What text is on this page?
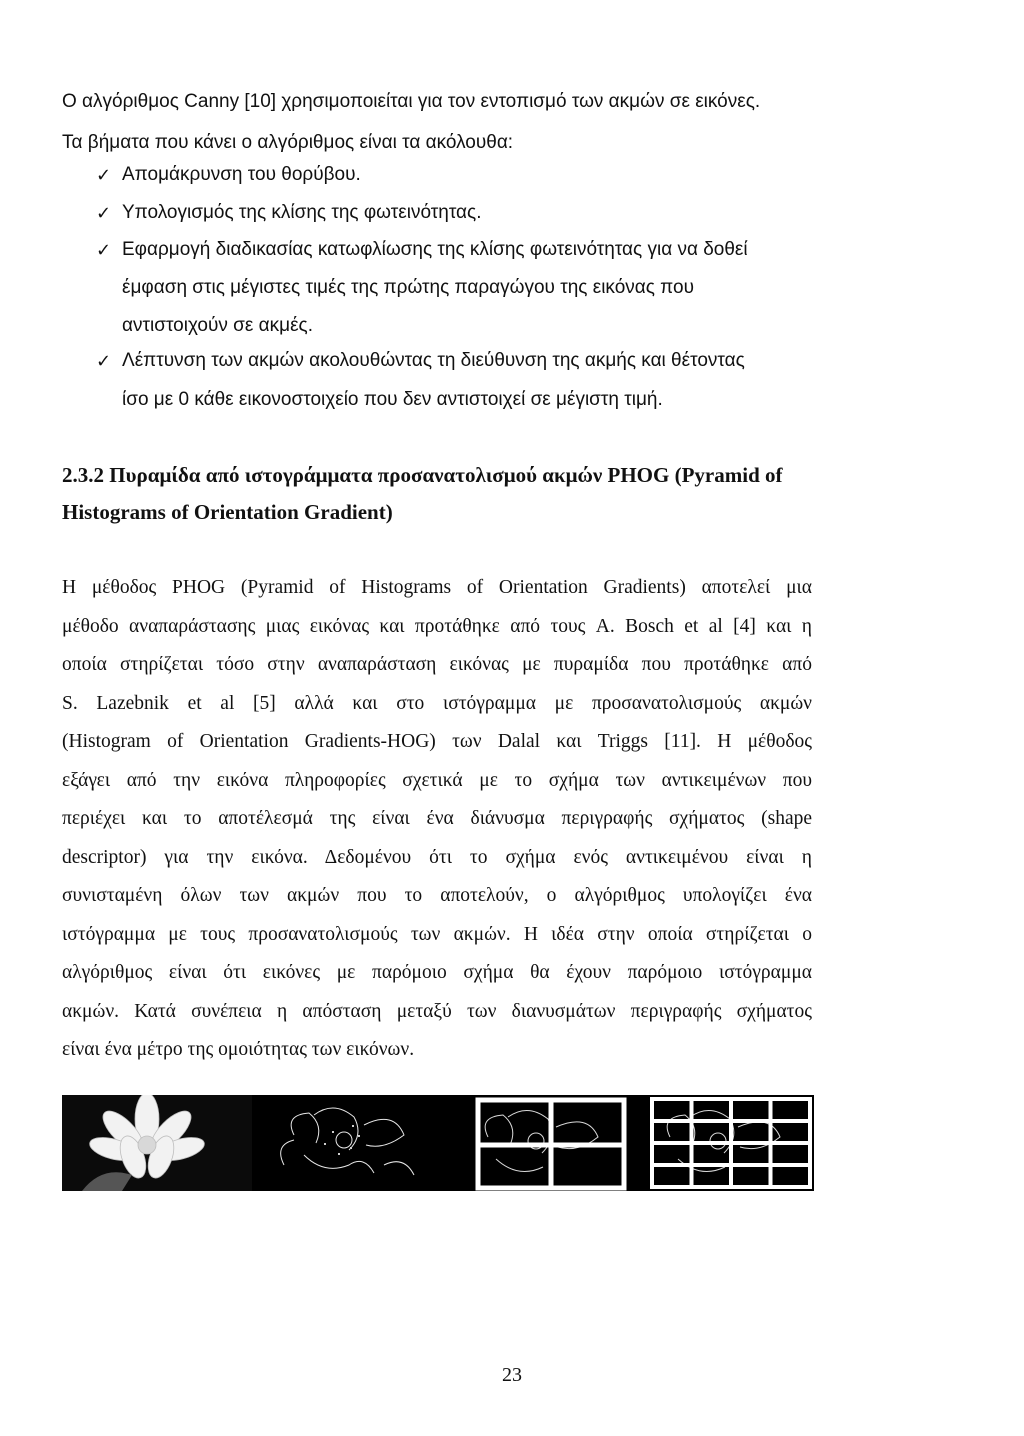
Ο αλγόριθμος Canny [10] χρησιμοποιείται για τον εντοπισμό των ακμών σε εικόνες.
Τα βήματα που κάνει ο αλγόριθμος είναι τα ακόλουθα:
✓ Απομάκρυνση του θορύβου.
✓ Υπολογισμός της κλίσης της φωτεινότητας.
✓ Εφαρμογή διαδικασίας κατωφλίωσης της κλίσης φωτεινότητας για να δοθεί
έμφαση στις μέγιστες τιμές της πρώτης παραγώγου της εικόνας που
αντιστοιχούν σε ακμές.
✓ Λέπτυνση των ακμών ακολουθώντας τη διεύθυνση της ακμής και θέτοντας
ίσο με 0 κάθε εικονοστοιχείο που δεν αντιστοιχεί σε μέγιστη τιμή.
2.3.2 Πυραμίδα από ιστογράμματα προσανατολισμού ακμών PHOG (Pyramid of
Histograms of Orientation Gradient)
Η μέθοδος PHOG (Pyramid of Histograms of Orientation Gradients) αποτελεί μια
μέθοδο αναπαράστασης μιας εικόνας και προτάθηκε από τους A. Bosch et al [4] και η
οποία στηρίζεται τόσο στην αναπαράσταση εικόνας με πυραμίδα που προτάθηκε από
S. Lazebnik et al [5] αλλά και στο ιστόγραμμα με προσανατολισμούς ακμών
(Histogram of Orientation Gradients-HOG) των Dalal και Triggs [11]. Η μέθοδος
εξάγει από την εικόνα πληροφορίες σχετικά με το σχήμα των αντικειμένων που
περιέχει και το αποτέλεσμά της είναι ένα διάνυσμα περιγραφής σχήματος (shape
descriptor) για την εικόνα. Δεδομένου ότι το σχήμα ενός αντικειμένου είναι η
συνισταμένη όλων των ακμών που το αποτελούν, ο αλγόριθμος υπολογίζει ένα
ιστόγραμμα με τους προσανατολισμούς των ακμών. Η ιδέα στην οποία στηρίζεται ο
αλγόριθμος είναι ότι εικόνες με παρόμοιο σχήμα θα έχουν παρόμοιο ιστόγραμμα
ακμών. Κατά συνέπεια η απόσταση μεταξύ των διανυσμάτων περιγραφής σχήματος
είναι ένα μέτρο της ομοιότητας των εικόνων.
23
